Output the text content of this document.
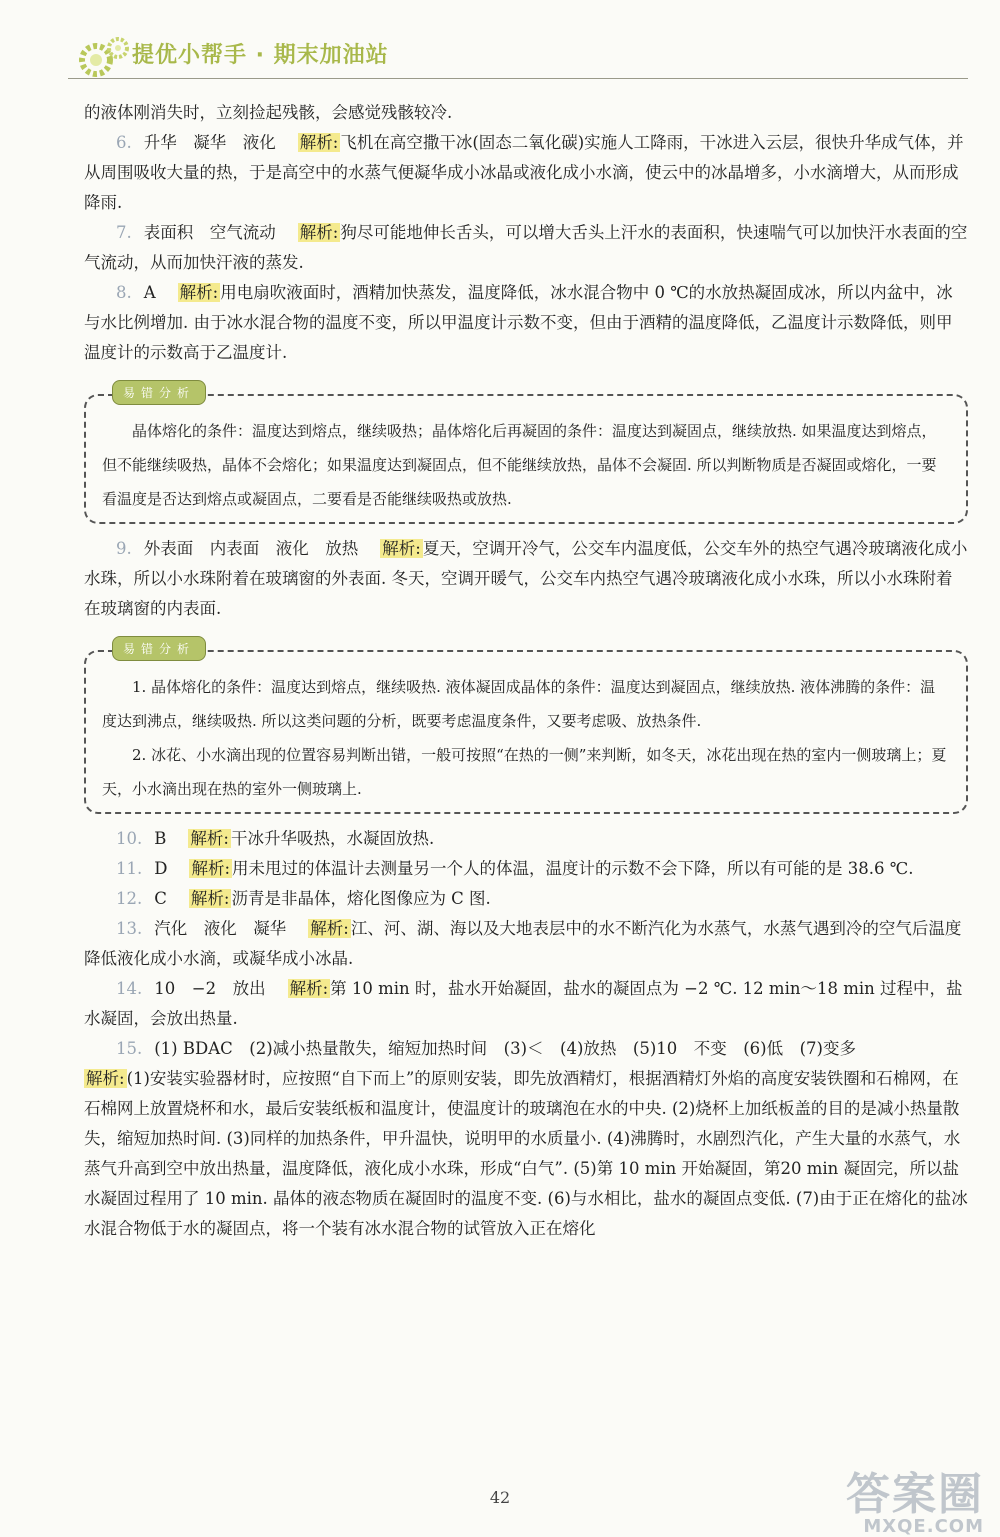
提优小帮手 · 期末加油站

的液体刚消失时，立刻捡起残骸，会感觉残骸较冷.

6. 升华　凝华　液化 解析: 飞机在高空撒干冰(固态二氧化碳)实施人工降雨，干冰进入云层，很快升华成气体，并从周围吸收大量的热，于是高空中的水蒸气便凝华成小冰晶或液化成小水滴，使云中的冰晶增多，小水滴增大，从而形成降雨.

7. 表面积　空气流动 解析: 狗尽可能地伸长舌头，可以增大舌头上汗水的表面积，快速喘气可以加快汗水表面的空气流动，从而加快汗液的蒸发.

8. A 解析: 用电扇吹液面时，酒精加快蒸发，温度降低，冰水混合物中 0 ℃的水放热凝固成冰，所以内盆中，冰与水比例增加. 由于冰水混合物的温度不变，所以甲温度计示数不变，但由于酒精的温度降低，乙温度计示数降低，则甲温度计的示数高于乙温度计.

易错分析

晶体熔化的条件：温度达到熔点，继续吸热；晶体熔化后再凝固的条件：温度达到凝固点，继续放热. 如果温度达到熔点，但不能继续吸热，晶体不会熔化；如果温度达到凝固点，但不能继续放热，晶体不会凝固. 所以判断物质是否凝固或熔化，一要看温度是否达到熔点或凝固点，二要看是否能继续吸热或放热.

9. 外表面　内表面　液化　放热 解析: 夏天，空调开冷气，公交车内温度低，公交车外的热空气遇冷玻璃液化成小水珠，所以小水珠附着在玻璃窗的外表面. 冬天，空调开暖气，公交车内热空气遇冷玻璃液化成小水珠，所以小水珠附着在玻璃窗的内表面.

易错分析

1. 晶体熔化的条件：温度达到熔点，继续吸热. 液体凝固成晶体的条件：温度达到凝固点，继续放热. 液体沸腾的条件：温度达到沸点，继续吸热. 所以这类问题的分析，既要考虑温度条件，又要考虑吸、放热条件.

2. 冰花、小水滴出现的位置容易判断出错，一般可按照“在热的一侧”来判断，如冬天，冰花出现在热的室内一侧玻璃上；夏天，小水滴出现在热的室外一侧玻璃上.

10. B 解析: 干冰升华吸热，水凝固放热.

11. D 解析: 用未甩过的体温计去测量另一个人的体温，温度计的示数不会下降，所以有可能的是 38.6 ℃.

12. C 解析: 沥青是非晶体，熔化图像应为 C 图.

13. 汽化　液化　凝华 解析: 江、河、湖、海以及大地表层中的水不断汽化为水蒸气，水蒸气遇到冷的空气后温度降低液化成小水滴，或凝华成小冰晶.

14. 10　−2　放出 解析: 第 10 min 时，盐水开始凝固，盐水的凝固点为 −2 ℃. 12 min～18 min 过程中，盐水凝固，会放出热量.

15. (1) BDAC　(2)减小热量散失，缩短加热时间　(3)＜　(4)放热　(5)10　不变　(6)低　(7)变多

解析: (1)安装实验器材时，应按照“自下而上”的原则安装，即先放酒精灯，根据酒精灯外焰的高度安装铁圈和石棉网，在石棉网上放置烧杯和水，最后安装纸板和温度计，使温度计的玻璃泡在水的中央. (2)烧杯上加纸板盖的目的是减小热量散失，缩短加热时间. (3)同样的加热条件，甲升温快，说明甲的水质量小. (4)沸腾时，水剧烈汽化，产生大量的水蒸气，水蒸气升高到空中放出热量，温度降低，液化成小水珠，形成“白气”. (5)第 10 min 开始凝固，第20 min 凝固完，所以盐水凝固过程用了 10 min. 晶体的液态物质在凝固时的温度不变. (6)与水相比，盐水的凝固点变低. (7)由于正在熔化的盐冰水混合物低于水的凝固点，将一个装有冰水混合物的试管放入正在熔化

42	答案圈
MXQE.COM
